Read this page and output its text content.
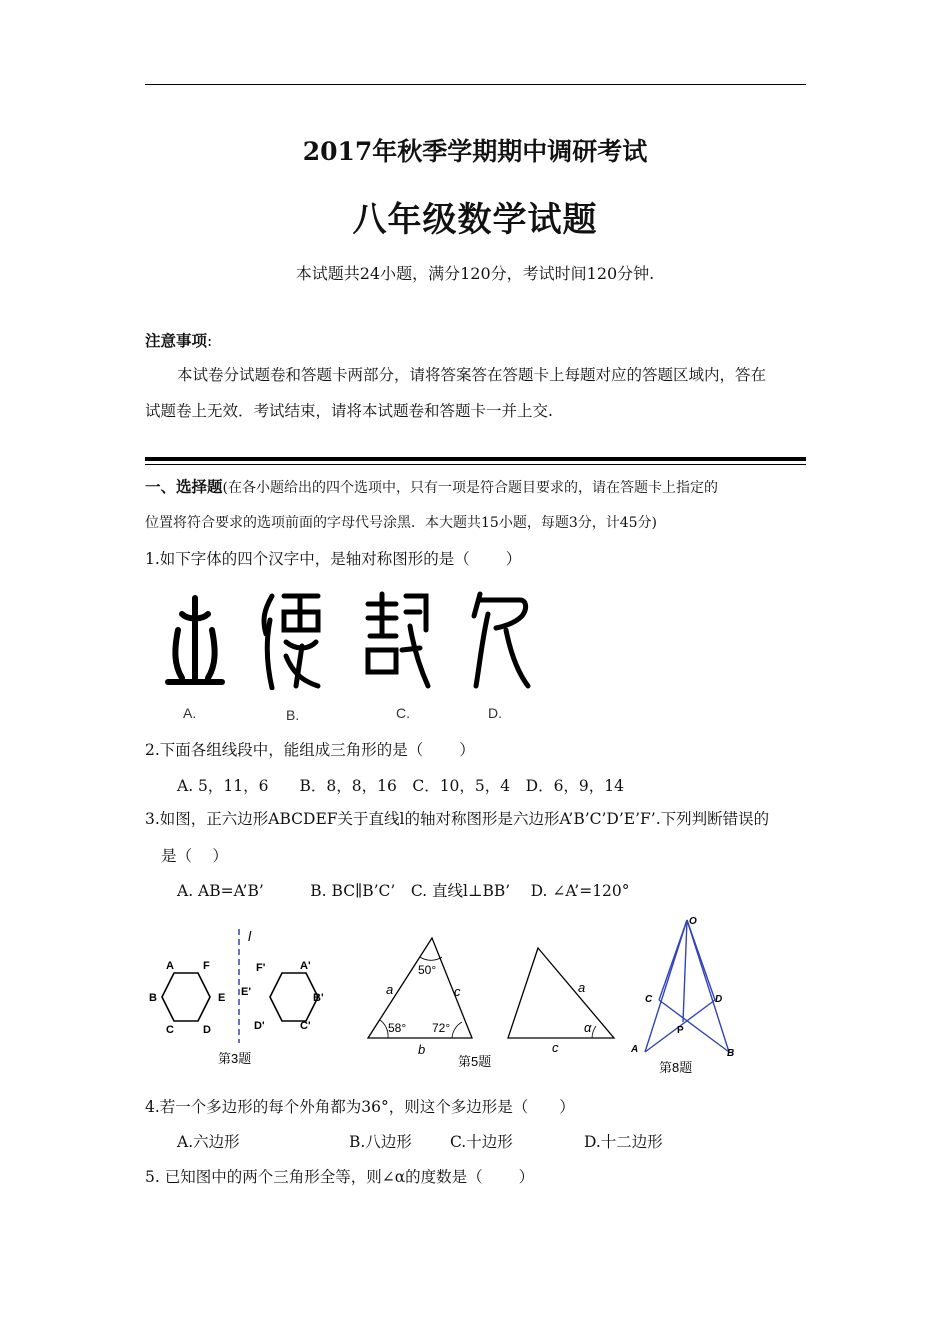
2017年秋季学期期中调研考试
八年级数学试题
本试题共24小题，满分120分，考试时间120分钟.
注意事项:
本试卷分试题卷和答题卡两部分，请将答案答在答题卡上每题对应的答题区域内，答在
试题卷上无效．考试结束，请将本试题卷和答题卡一并上交.
一、选择题(在各小题给出的四个选项中，只有一项是符合题目要求的，请在答题卡上指定的
位置将符合要求的选项前面的字母代号涂黑．本大题共15小题，每题3分，计45分)
1.如下字体的四个汉字中，是轴对称图形的是（　　 ）
A.	B.	C.	D.
2.下面各组线段中，能组成三角形的是（　　 ）
A. 5，11，6　　B．8，8，16　C．10，5，4　D．6，9，14
3.如图，正六边形ABCDEF关于直线l的轴对称图形是六边形A’B’C’D’E’F’.下列判断错误的
是（　 ）
A. AB=A’B’　　　B. BC∥B’C’　C. 直线l⊥BB’　 D. ∠A’=120°
l
A	F
B	E
C	D
F'	A'
E'	B'
D'	C'
第3题
50°
58° 72°
a	c
b
a
c
α
第5题
O
C	D
P
A	B
第8题
4.若一个多边形的每个外角都为36°，则这个多边形是（　　）
A.六边形	B.八边形 C.十边形	D.十二边形
5. 已知图中的两个三角形全等，则∠α的度数是（　　 ）
